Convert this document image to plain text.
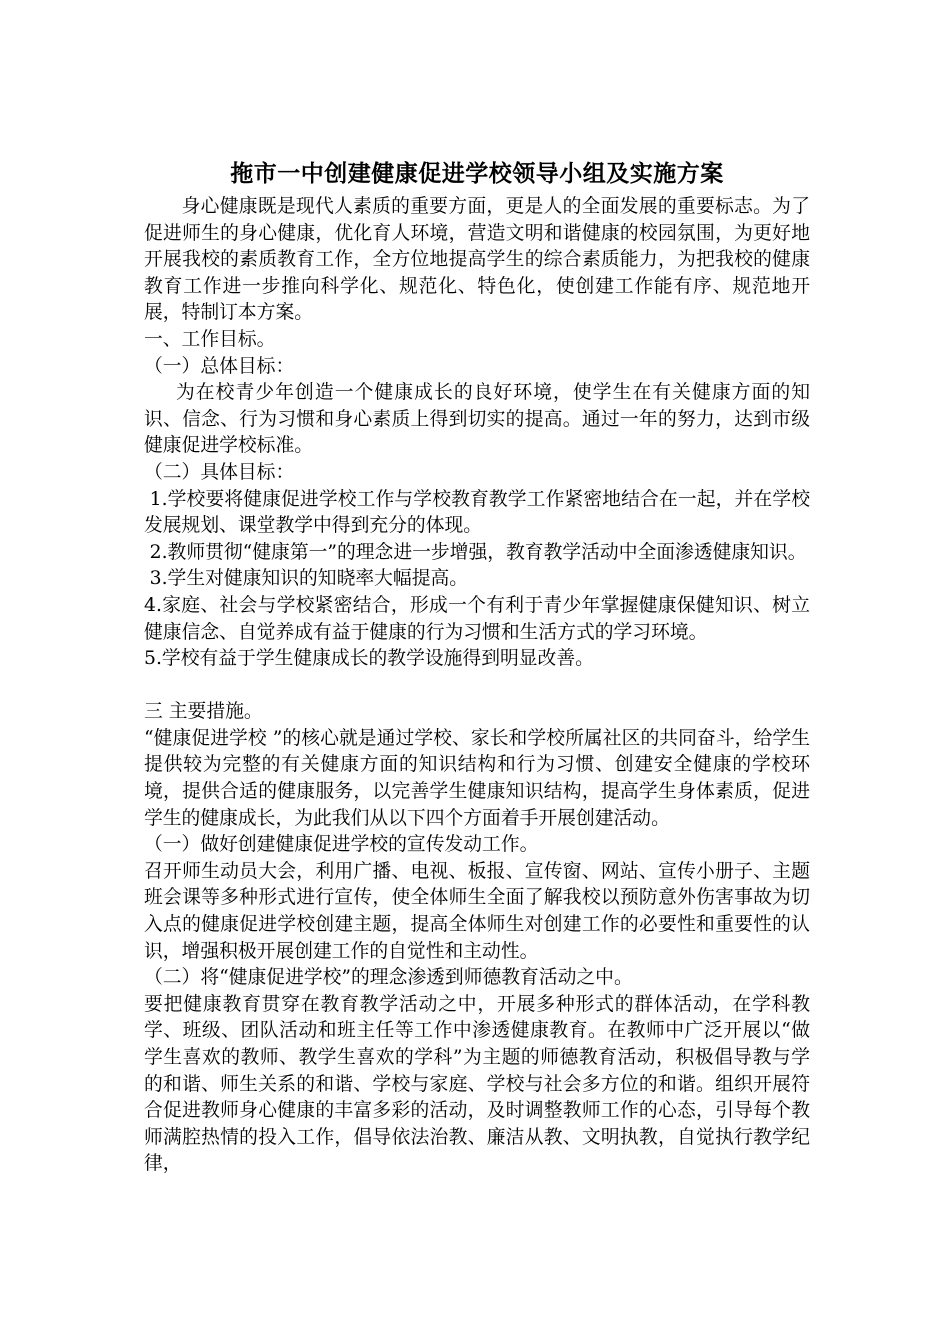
拖市一中创建健康促进学校领导小组及实施方案

身心健康既是现代人素质的重要方面，更是人的全面发展的重要标志。为了促进师生的身心健康，优化育人环境，营造文明和谐健康的校园氛围，为更好地开展我校的素质教育工作，全方位地提高学生的综合素质能力，为把我校的健康教育工作进一步推向科学化、规范化、特色化，使创建工作能有序、规范地开展，特制订本方案。

一、工作目标。

（一）总体目标：

为在校青少年创造一个健康成长的良好环境，使学生在有关健康方面的知识、信念、行为习惯和身心素质上得到切实的提高。通过一年的努力，达到市级健康促进学校标准。

（二）具体目标：

1.学校要将健康促进学校工作与学校教育教学工作紧密地结合在一起，并在学校发展规划、课堂教学中得到充分的体现。

2.教师贯彻“健康第一”的理念进一步增强，教育教学活动中全面渗透健康知识。

3.学生对健康知识的知晓率大幅提高。

4.家庭、社会与学校紧密结合，形成一个有利于青少年掌握健康保健知识、树立健康信念、自觉养成有益于健康的行为习惯和生活方式的学习环境。

5.学校有益于学生健康成长的教学设施得到明显改善。

三 主要措施。

“健康促进学校 ”的核心就是通过学校、家长和学校所属社区的共同奋斗，给学生提供较为完整的有关健康方面的知识结构和行为习惯、创建安全健康的学校环境，提供合适的健康服务，以完善学生健康知识结构，提高学生身体素质，促进学生的健康成长，为此我们从以下四个方面着手开展创建活动。

（一）做好创建健康促进学校的宣传发动工作。

召开师生动员大会，利用广播、电视、板报、宣传窗、网站、宣传小册子、主题班会课等多种形式进行宣传，使全体师生全面了解我校以预防意外伤害事故为切入点的健康促进学校创建主题，提高全体师生对创建工作的必要性和重要性的认识，增强积极开展创建工作的自觉性和主动性。

（二）将“健康促进学校”的理念渗透到师德教育活动之中。

要把健康教育贯穿在教育教学活动之中，开展多种形式的群体活动，在学科教学、班级、团队活动和班主任等工作中渗透健康教育。在教师中广泛开展以“做学生喜欢的教师、教学生喜欢的学科”为主题的师德教育活动，积极倡导教与学的和谐、师生关系的和谐、学校与家庭、学校与社会多方位的和谐。组织开展符合促进教师身心健康的丰富多彩的活动，及时调整教师工作的心态，引导每个教师满腔热情的投入工作，倡导依法治教、廉洁从教、文明执教，自觉执行教学纪律，
